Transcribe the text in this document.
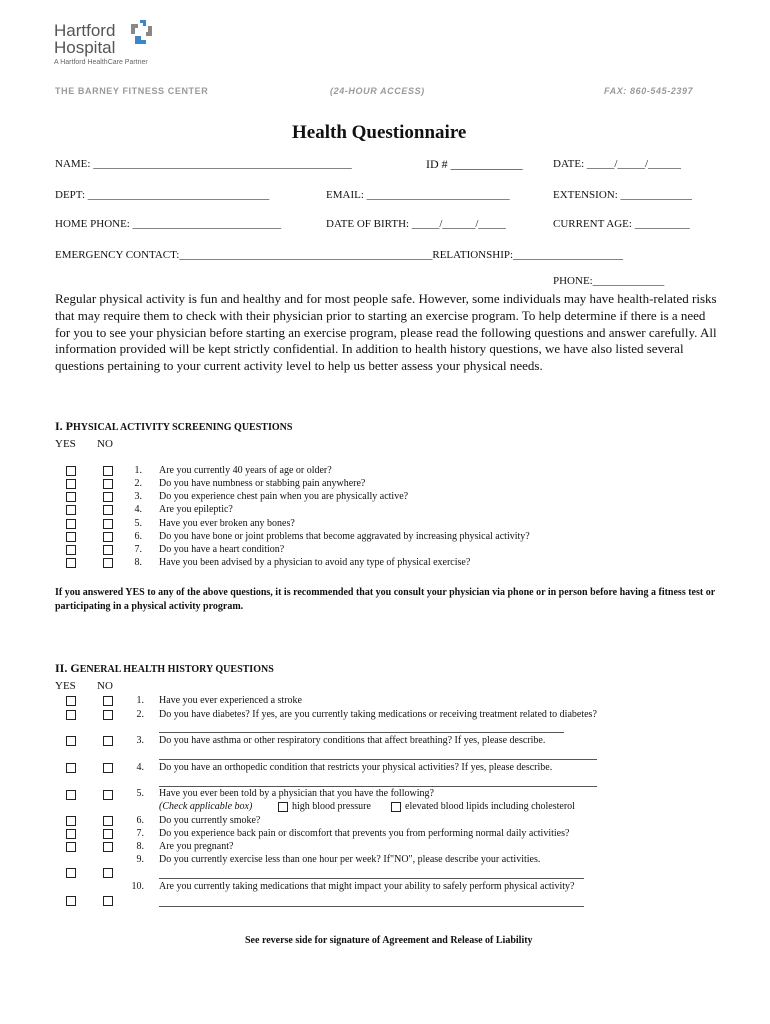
Hartford
Hospital
A Hartford HealthCare Partner
THE BARNEY FITNESS CENTER	(24-HOUR ACCESS)	FAX: 860-545-2397
Health Questionnaire
NAME: _______________________________________________	ID # ____________	DATE: _____/_____/______
DEPT: _________________________________	EMAIL: __________________________	EXTENSION: _____________
HOME PHONE: ___________________________	DATE OF BIRTH: _____/______/_____	CURRENT AGE: __________
EMERGENCY CONTACT:______________________________________________RELATIONSHIP:____________________
PHONE:_____________
Regular physical activity is fun and healthy and for most people safe. However, some individuals may have health-related risks that may require them to check with their physician prior to starting an exercise program. To help determine if there is a need for you to see your physician before starting an exercise program, please read the following questions and answer carefully. All information provided will be kept strictly confidential. In addition to health history questions, we have also listed several questions pertaining to your current activity level to help us better assess your physical needs.
I. PHYSICAL ACTIVITY SCREENING QUESTIONS
YES NO
1. Are you currently 40 years of age or older?
2. Do you have numbness or stabbing pain anywhere?
3. Do you experience chest pain when you are physically active?
4. Are you epileptic?
5. Have you ever broken any bones?
6. Do you have bone or joint problems that become aggravated by increasing physical activity?
7. Do you have a heart condition?
8. Have you been advised by a physician to avoid any type of physical exercise?
If you answered YES to any of the above questions, it is recommended that you consult your physician via phone or in person before having a fitness test or participating in a physical activity program.
II. GENERAL HEALTH HISTORY QUESTIONS
YES NO
1. Have you ever experienced a stroke
2. Do you have diabetes? If yes, are you currently taking medications or receiving treatment related to diabetes?
3. Do you have asthma or other respiratory conditions that affect breathing? If yes, please describe.
4. Do you have an orthopedic condition that restricts your physical activities? If yes, please describe.
5. Have you ever been told by a physician that you have the following?
6. Do you currently smoke?
7. Do you experience back pain or discomfort that prevents you from performing normal daily activities?
8. Are you pregnant?
9. Do you currently exercise less than one hour per week? If"NO", please describe your activities.
10. Are you currently taking medications that might impact your ability to safely perform physical activity?
(Check applicable box)	high blood pressure	elevated blood lipids including cholesterol
See reverse side for signature of Agreement and Release of Liability
